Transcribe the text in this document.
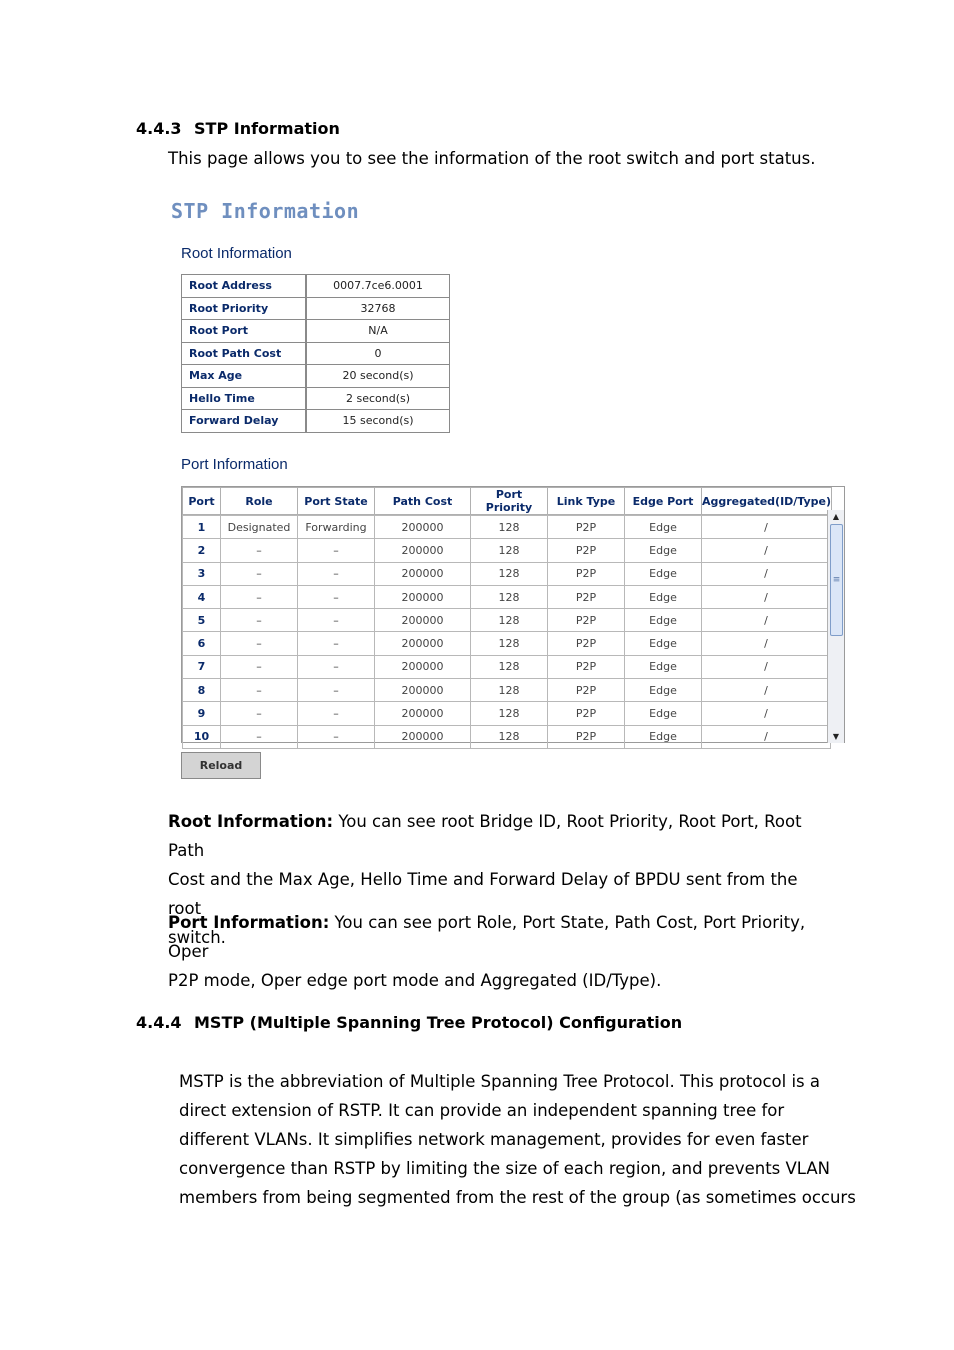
4.4.3 STP Information
This page allows you to see the information of the root switch and port status.
STP Information
Root Information
Root Address	0007.7ce6.0001
Root Priority	32768
Root Port	N/A
Root Path Cost	0
Max Age	20 second(s)
Hello Time	2 second(s)
Forward Delay	15 second(s)
Port Information
Port	Role	Port State	Path Cost	Port Priority	Link Type	Edge Port	Aggregated(ID/Type)
1	Designated	Forwarding	200000	128	P2P	Edge	/
2	–	–	200000	128	P2P	Edge	/
3	–	–	200000	128	P2P	Edge	/
4	–	–	200000	128	P2P	Edge	/
5	–	–	200000	128	P2P	Edge	/
6	–	–	200000	128	P2P	Edge	/
7	–	–	200000	128	P2P	Edge	/
8	–	–	200000	128	P2P	Edge	/
9	–	–	200000	128	P2P	Edge	/
10	–	–	200000	128	P2P	Edge	/
▲
≡
▼
Reload
Root Information: You can see root Bridge ID, Root Priority, Root Port, Root Path
Cost and the Max Age, Hello Time and Forward Delay of BPDU sent from the root
switch.
Port Information: You can see port Role, Port State, Path Cost, Port Priority, Oper
P2P mode, Oper edge port mode and Aggregated (ID/Type).
4.4.4 MSTP (Multiple Spanning Tree Protocol) Configuration
MSTP is the abbreviation of Multiple Spanning Tree Protocol. This protocol is a
direct extension of RSTP. It can provide an independent spanning tree for
different VLANs. It simplifies network management, provides for even faster
convergence than RSTP by limiting the size of each region, and prevents VLAN
members from being segmented from the rest of the group (as sometimes occurs
